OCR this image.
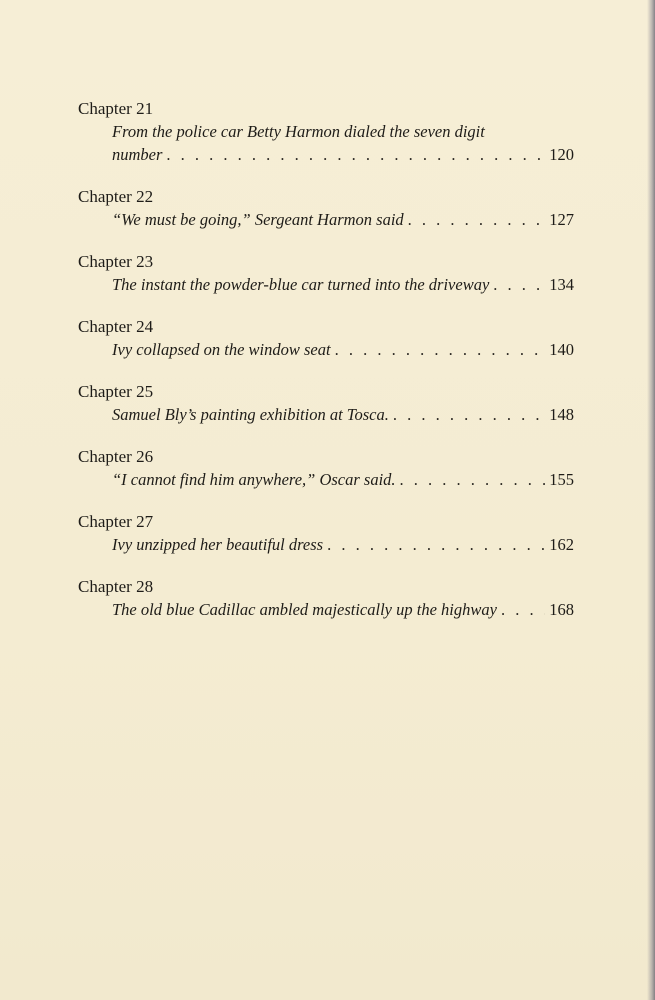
Chapter 21
From the police car Betty Harmon dialed the seven digit
number . . .	120
Chapter 22
“We must be going,” Sergeant Harmon said . . .	127
Chapter 23
The instant the powder-blue car turned into the driveway . . .	134
Chapter 24
Ivy collapsed on the window seat . . .	140
Chapter 25
Samuel Bly’s painting exhibition at Tosca. . . .	148
Chapter 26
“I cannot find him anywhere,” Oscar said. . . .	155
Chapter 27
Ivy unzipped her beautiful dress . . .	162
Chapter 28
The old blue Cadillac ambled majestically up the highway . . .	168
